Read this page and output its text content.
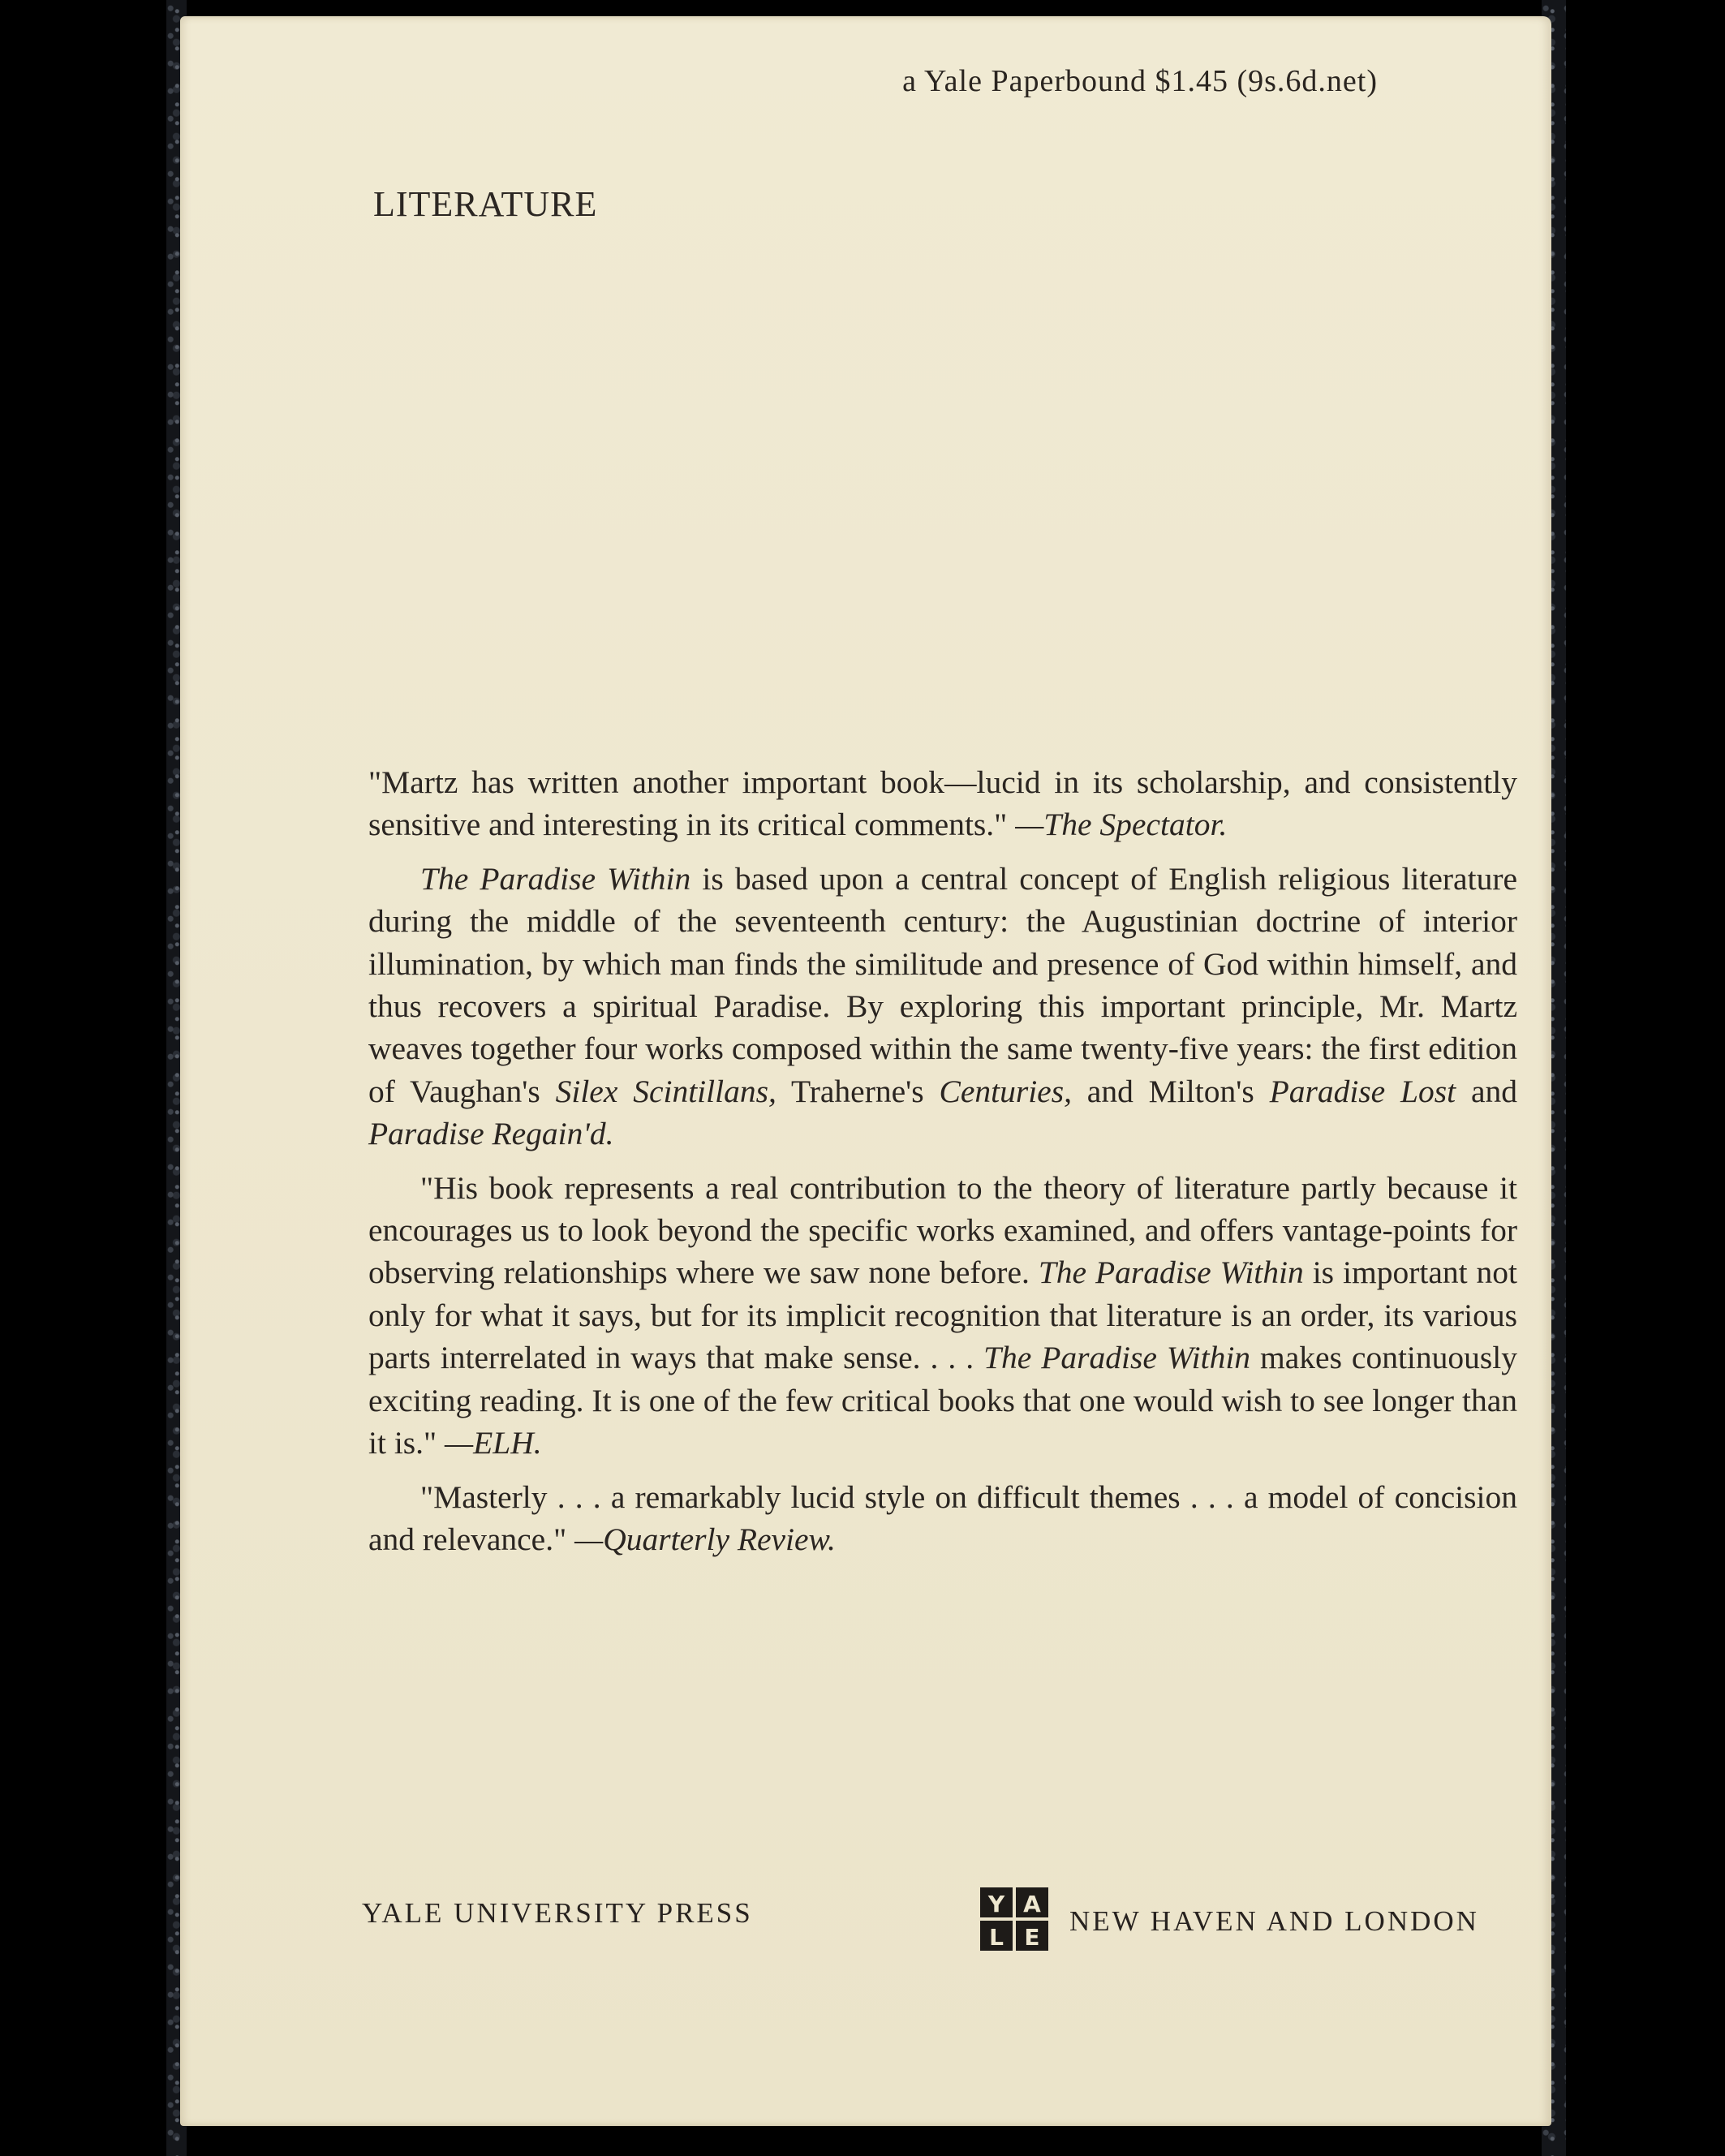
a Yale Paperbound $1.45 (9s.6d.net)
LITERATURE

"Martz has written another important book—lucid in its scholarship, and consistently sensitive and interesting in its critical comments." —The Spectator.

The Paradise Within is based upon a central concept of English religious literature during the middle of the seventeenth century: the Augustinian doctrine of interior illumination, by which man finds the similitude and presence of God within himself, and thus recovers a spiritual Paradise. By exploring this important principle, Mr. Martz weaves together four works composed within the same twenty-five years: the first edition of Vaughan's Silex Scintillans, Traherne's Centuries, and Milton's Paradise Lost and Paradise Regain'd.

"His book represents a real contribution to the theory of literature partly because it encourages us to look beyond the specific works examined, and offers vantage-points for observing relationships where we saw none before. The Paradise Within is important not only for what it says, but for its implicit recognition that literature is an order, its various parts interrelated in ways that make sense. . . . The Paradise Within makes continuously exciting reading. It is one of the few critical books that one would wish to see longer than it is." —ELH.

"Masterly . . . a remarkably lucid style on difficult themes . . . a model of concision and relevance." —Quarterly Review.

YALE UNIVERSITY PRESS	Y A
L E
NEW HAVEN AND LONDON
